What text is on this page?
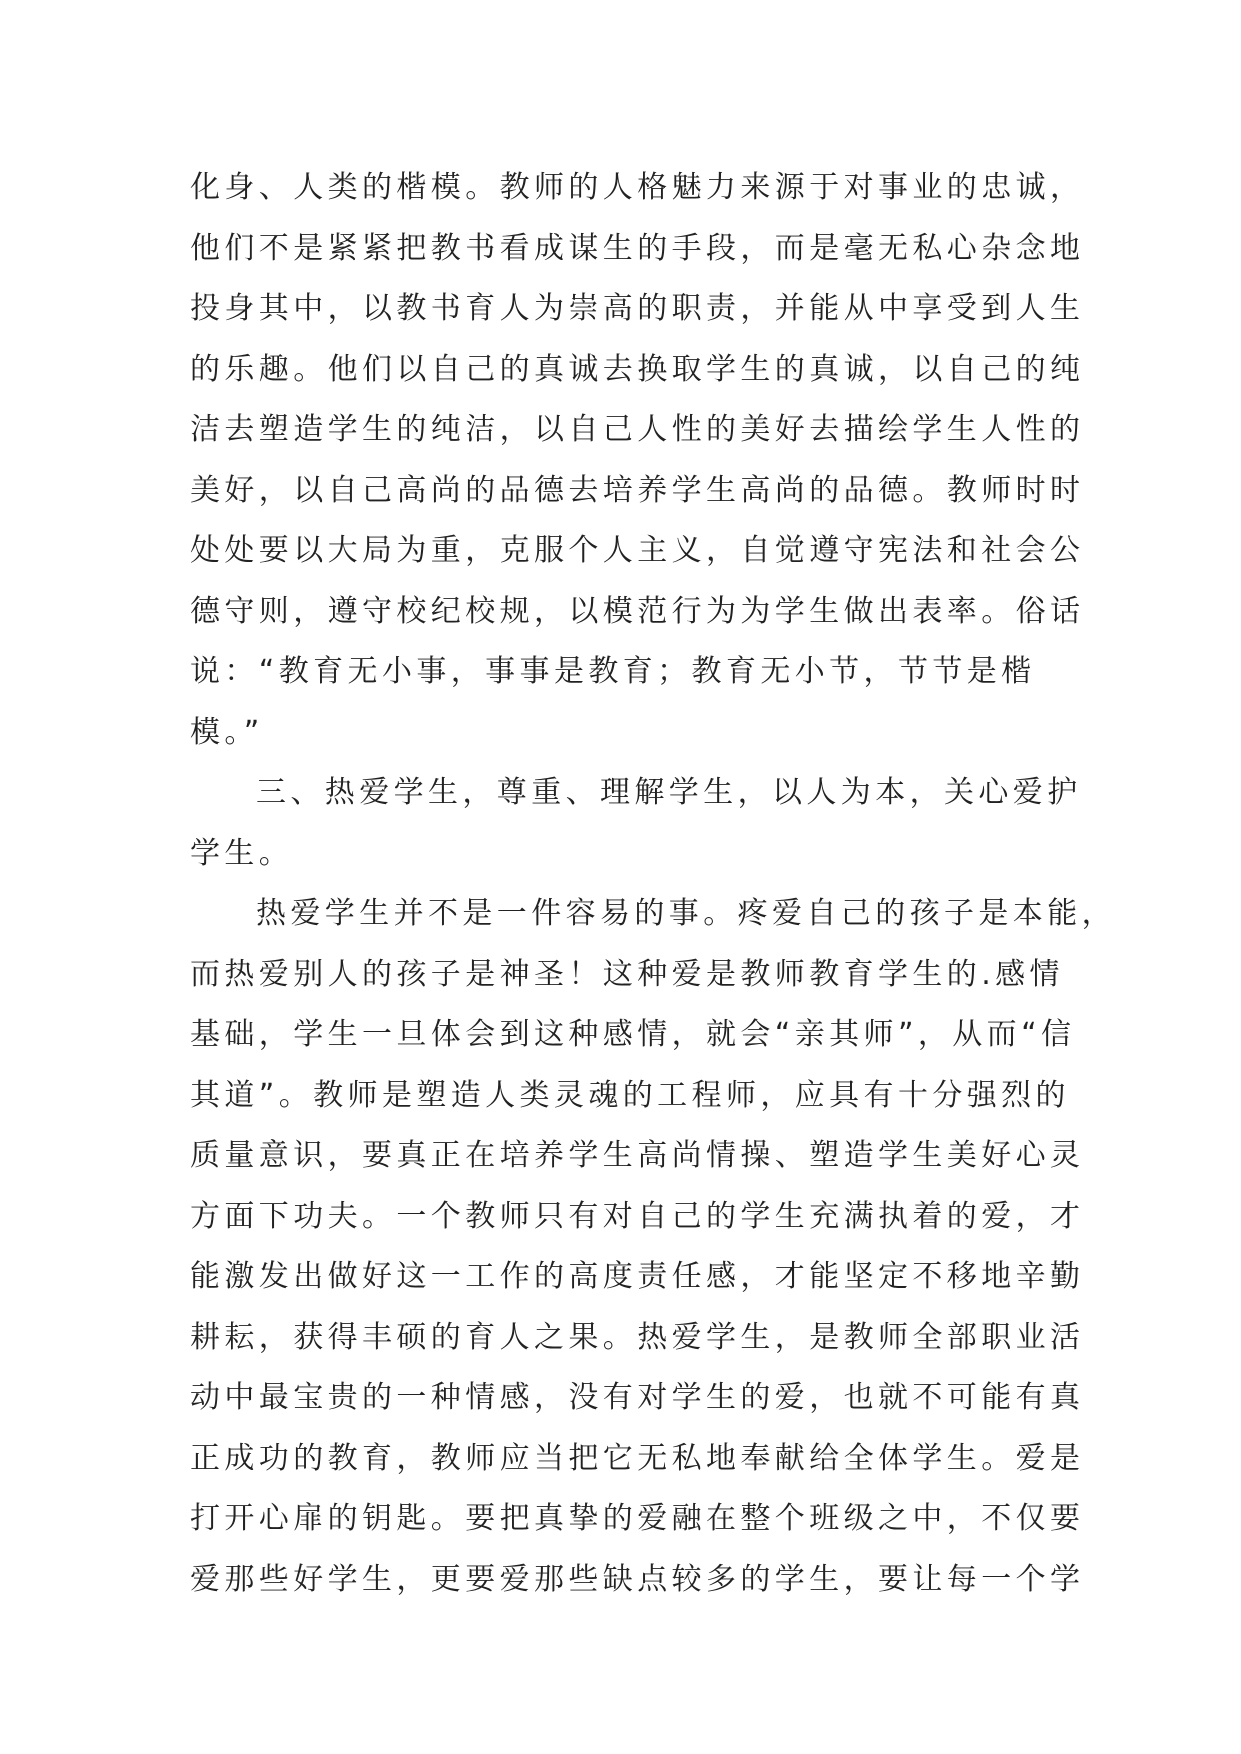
化身、人类的楷模。教师的人格魅力来源于对事业的忠诚，
他们不是紧紧把教书看成谋生的手段，而是毫无私心杂念地
投身其中，以教书育人为崇高的职责，并能从中享受到人生
的乐趣。他们以自己的真诚去换取学生的真诚，以自己的纯
洁去塑造学生的纯洁，以自己人性的美好去描绘学生人性的
美好，以自己高尚的品德去培养学生高尚的品德。教师时时
处处要以大局为重，克服个人主义，自觉遵守宪法和社会公
德守则，遵守校纪校规，以模范行为为学生做出表率。俗话
说：“教育无小事，事事是教育；教育无小节，节节是楷
模。”
三、热爱学生，尊重、理解学生，以人为本，关心爱护
学生。
热爱学生并不是一件容易的事。疼爱自己的孩子是本能，
而热爱别人的孩子是神圣！这种爱是教师教育学生的.感情
基础，学生一旦体会到这种感情，就会“亲其师”，从而“信
其道”。教师是塑造人类灵魂的工程师，应具有十分强烈的
质量意识，要真正在培养学生高尚情操、塑造学生美好心灵
方面下功夫。一个教师只有对自己的学生充满执着的爱，才
能激发出做好这一工作的高度责任感，才能坚定不移地辛勤
耕耘，获得丰硕的育人之果。热爱学生，是教师全部职业活
动中最宝贵的一种情感，没有对学生的爱，也就不可能有真
正成功的教育，教师应当把它无私地奉献给全体学生。爱是
打开心扉的钥匙。要把真挚的爱融在整个班级之中，不仅要
爱那些好学生，更要爱那些缺点较多的学生，要让每一个学
